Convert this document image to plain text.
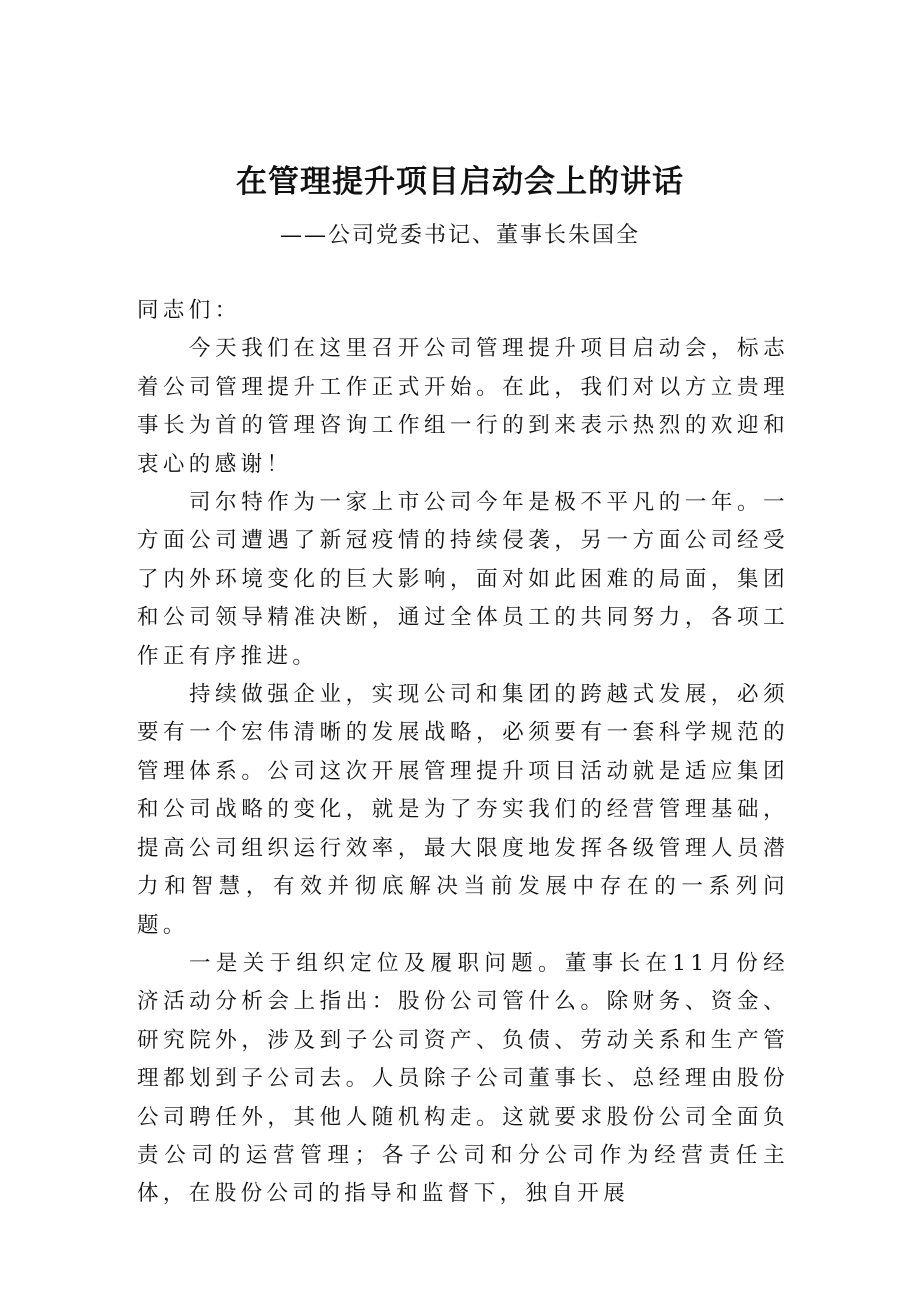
在管理提升项目启动会上的讲话
——公司党委书记、董事长朱国全

同志们：

今天我们在这里召开公司管理提升项目启动会，标志着公司管理提升工作正式开始。在此，我们对以方立贵理事长为首的管理咨询工作组一行的到来表示热烈的欢迎和衷心的感谢！

司尔特作为一家上市公司今年是极不平凡的一年。一方面公司遭遇了新冠疫情的持续侵袭，另一方面公司经受了内外环境变化的巨大影响，面对如此困难的局面，集团和公司领导精准决断，通过全体员工的共同努力，各项工作正有序推进。

持续做强企业，实现公司和集团的跨越式发展，必须要有一个宏伟清晰的发展战略，必须要有一套科学规范的管理体系。公司这次开展管理提升项目活动就是适应集团和公司战略的变化，就是为了夯实我们的经营管理基础，提高公司组织运行效率，最大限度地发挥各级管理人员潜力和智慧，有效并彻底解决当前发展中存在的一系列问题。

一是关于组织定位及履职问题。董事长在11月份经济活动分析会上指出：股份公司管什么。除财务、资金、研究院外，涉及到子公司资产、负债、劳动关系和生产管理都划到子公司去。人员除子公司董事长、总经理由股份公司聘任外，其他人随机构走。这就要求股份公司全面负责公司的运营管理；各子公司和分公司作为经营责任主体，在股份公司的指导和监督下，独自开展
